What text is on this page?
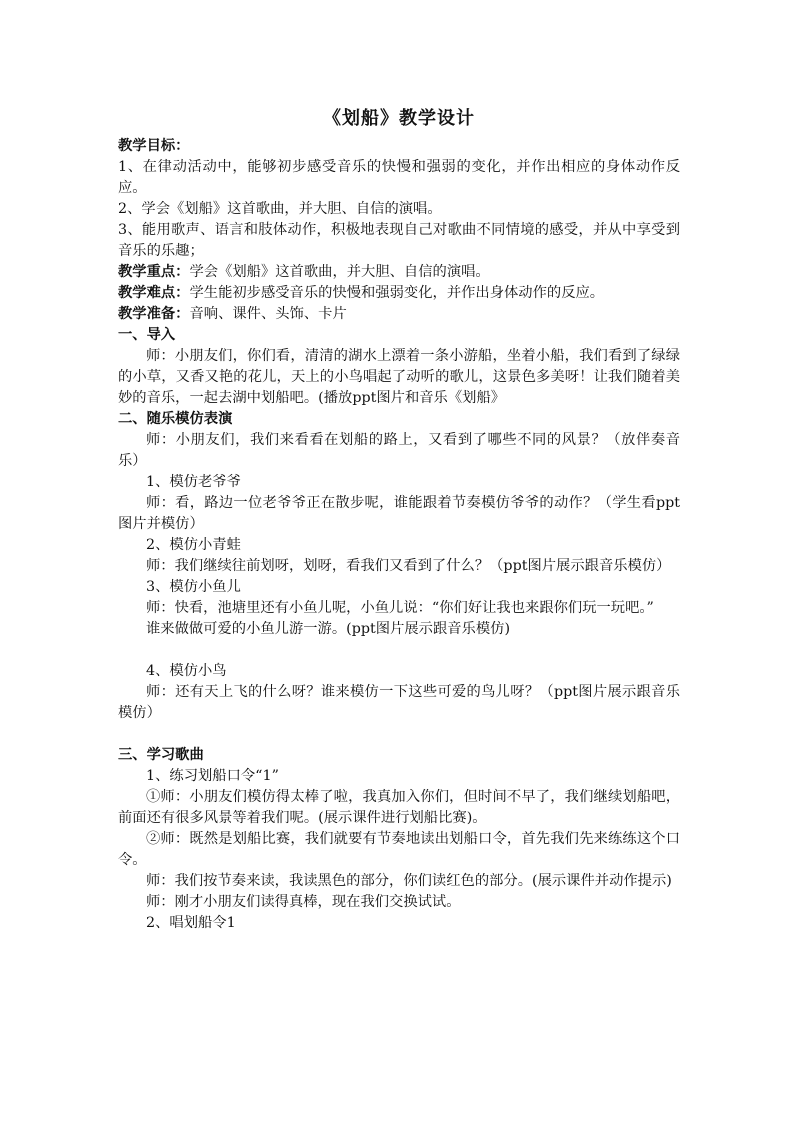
《划船》教学设计

教学目标：

1、在律动活动中，能够初步感受音乐的快慢和强弱的变化，并作出相应的身体动作反应。

2、学会《划船》这首歌曲，并大胆、自信的演唱。

3、能用歌声、语言和肢体动作，积极地表现自己对歌曲不同情境的感受，并从中享受到音乐的乐趣；

教学重点：学会《划船》这首歌曲，并大胆、自信的演唱。

教学难点：学生能初步感受音乐的快慢和强弱变化，并作出身体动作的反应。

教学准备：音响、课件、头饰、卡片

一、导入

师：小朋友们，你们看，清清的湖水上漂着一条小游船，坐着小船，我们看到了绿绿的小草，又香又艳的花儿，天上的小鸟唱起了动听的歌儿，这景色多美呀！让我们随着美妙的音乐，一起去湖中划船吧。(播放ppt图片和音乐《划船》

二、随乐模仿表演

师：小朋友们，我们来看看在划船的路上，又看到了哪些不同的风景？（放伴奏音乐）

1、模仿老爷爷

师：看，路边一位老爷爷正在散步呢，谁能跟着节奏模仿爷爷的动作？（学生看ppt图片并模仿）

2、模仿小青蛙

师：我们继续往前划呀，划呀，看我们又看到了什么？（ppt图片展示跟音乐模仿）

3、模仿小鱼儿

师：快看，池塘里还有小鱼儿呢，小鱼儿说：“你们好让我也来跟你们玩一玩吧。”

谁来做做可爱的小鱼儿游一游。(ppt图片展示跟音乐模仿)

4、模仿小鸟

师：还有天上飞的什么呀？谁来模仿一下这些可爱的鸟儿呀？（ppt图片展示跟音乐模仿）

三、学习歌曲

1、练习划船口令“1”

①师：小朋友们模仿得太棒了啦，我真加入你们，但时间不早了，我们继续划船吧，前面还有很多风景等着我们呢。(展示课件进行划船比赛)。

②师：既然是划船比赛，我们就要有节奏地读出划船口令，首先我们先来练练这个口令。

师：我们按节奏来读，我读黑色的部分，你们读红色的部分。(展示课件并动作提示)

师：刚才小朋友们读得真棒，现在我们交换试试。

2、唱划船令1
